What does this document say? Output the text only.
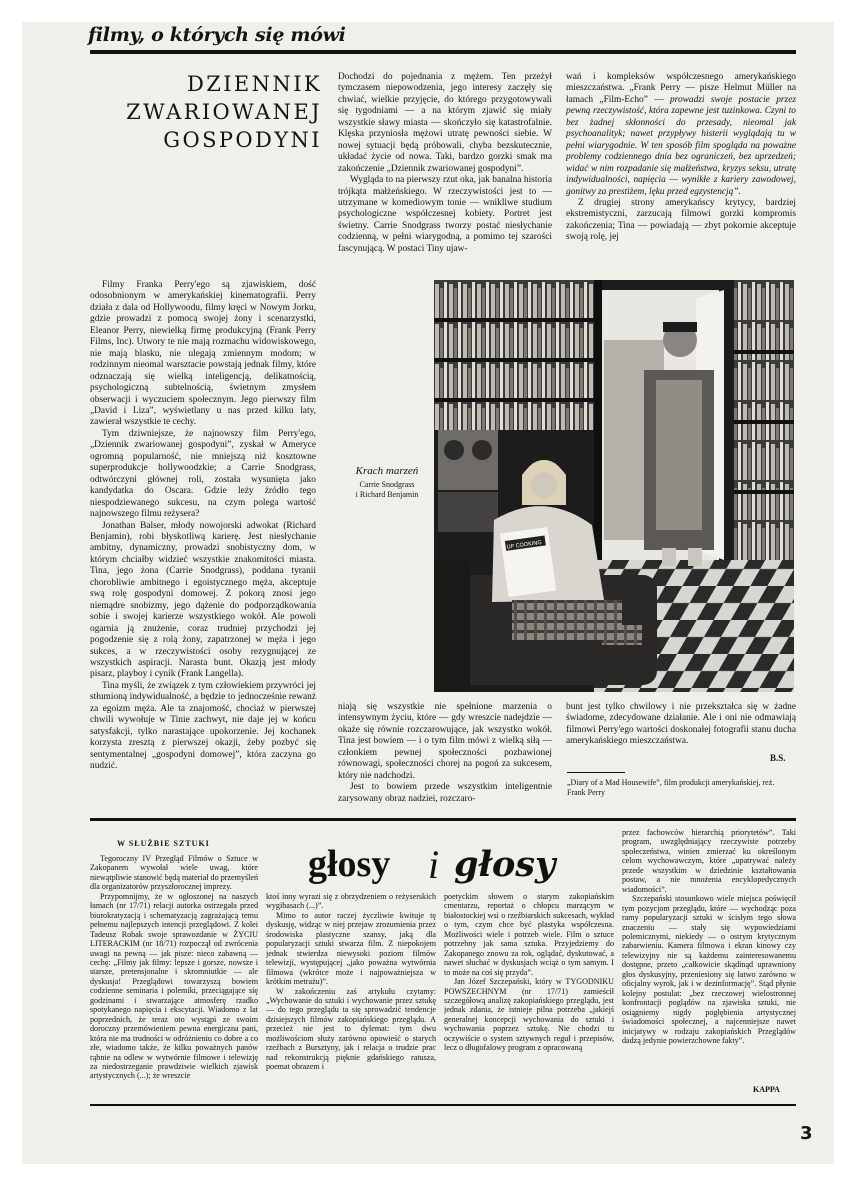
filmy, o których się mówi
DZIENNIK
ZWARIOWANEJ
GOSPODYNI

Dochodzi do pojednania z mężem. Ten przeżył tymczasem niepowodzenia, jego interesy zaczęły się chwiać, wielkie przyjęcie, do którego przygotowywali się tygodniami — a na którym zjawić się miały wszystkie sławy miasta — skończyło się katastrofalnie. Klęska przyniosła mężowi utratę pewności siebie. W nowej sytuacji będą próbowali, chyba bezskutecznie, układać życie od nowa. Taki, bardzo gorzki smak ma zakończenie „Dziennik zwariowanej gospodyni”.

Wygląda to na pierwszy rzut oka, jak banalna historia trójkąta małżeńskiego. W rzeczywistości jest to — utrzymane w komediowym tonie — wnikliwe studium psychologiczne współczesnej kobiety. Portret jest świetny. Carrie Snodgrass tworzy postać niesłychanie codzienną, w pełni wiarygodną, a pomimo tej szarości fascynującą. W postaci Tiny ujaw-

wań i kompleksów współczesnego amerykańskiego mieszczaństwa. „Frank Perry — pisze Helmut Müller na łamach „Film-Echo” — prowadzi swoje postacie przez pewną rzeczywistość, która zapewne jest tuzinkowa. Czyni to bez żadnej skłonności do przesady, nieomal jak psychoanalityk; nawet przypływy histerii wyglądają tu w pełni wiarygodnie. W ten sposób film spogląda na poważne problemy codziennego dnia bez ograniczeń, bez uprzedzeń; widać w nim rozpadanie się małżeństwa, kryzys seksu, utratę indywidualności, napięcia — wynikłe z kariery zawodowej, gonitwy za prestiżem, lęku przed egzystencją”.

Z drugiej strony amerykańscy krytycy, bardziej ekstremistyczni, zarzucają filmowi gorzki kompromis zakończenia; Tina — powiadają — zbyt pokornie akceptuje swoją rolę, jej

Filmy Franka Perry'ego są zjawiskiem, dość odosobnionym w amerykańskiej kinematografii. Perry działa z dala od Hollywoodu, filmy kręci w Nowym Jorku, gdzie prowadzi z pomocą swojej żony i scenarzystki, Eleanor Perry, niewielką firmę produkcyjną (Frank Perry Films, Inc). Utwory te nie mają rozmachu widowiskowego, nie mają blasku, nie ulegają zmiennym modom; w rodzinnym nieomal warsztacie powstają jednak filmy, które odznaczają się wielką inteligencją, delikatnością, psychologiczną subtelnością, świetnym zmysłem obserwacji i wyczuciem społecznym. Jego pierwszy film „David i Liza”, wyświetlany u nas przed kilku laty, zawierał wszystkie te cechy.

Tym dziwniejsze, że najnowszy film Perry'ego, „Dziennik zwariowanej gospodyni”, zyskał w Ameryce ogromną popularność, nie mniejszą niż kosztowne superprodukcje hollywoodzkie; a Carrie Snodgrass, odtwórczyni głównej roli, została wysunięta jako kandydatka do Oscara. Gdzie leży źródło tego niespodziewanego sukcesu, na czym polega wartość najnowszego filmu reżysera?

Jonathan Balser, młody nowojorski adwokat (Richard Benjamin), robi błyskotliwą karierę. Jest niesłychanie ambitny, dynamiczny, prowadzi snobistyczny dom, w którym chciałby widzieć wszystkie znakomitości miasta. Tina, jego żona (Carrie Snodgrass), poddana tyranii chorobliwie ambitnego i egoistycznego męża, akceptuje swą rolę gospodyni domowej. Z pokorą znosi jego niemądre snobizmy, jego dążenie do podporządkowania sobie i swojej karierze wszystkiego wokół. Ale powoli ogarnia ją znużenie, coraz trudniej przychodzi jej pogodzenie się z rolą żony, zapatrzonej w męża i jego sukces, a w rzeczywistości osoby rezygnującej ze wszystkich aspiracji. Narasta bunt. Okazją jest młody pisarz, playboy i cynik (Frank Langella).

Tina myśli, że związek z tym człowiekiem przywróci jej stłumioną indywidualność, a będzie to jednocześnie rewanż za egoizm męża. Ale ta znajomość, chociaż w pierwszej chwili wywołuje w Tinie zachwyt, nie daje jej w końcu satysfakcji, tylko narastające upokorzenie. Jej kochanek korzysta zresztą z pierwszej okazji, żeby pozbyć się sentymentalnej „gospodyni domowej”, która zaczyna go nudzić.

Krach marzeń
Carrie Snodgrass
i Richard Benjamin
UP COOKING

niają się wszystkie nie spełnione marzenia o intensywnym życiu, które — gdy wreszcie nadejdzie — okaże się równie rozczarowujące, jak wszystko wokół. Tina jest bowiem — i o tym film mówi z wielką siłą — członkiem pewnej społeczności pozbawionej równowagi, społeczności chorej na pogoń za sukcesem, który nie nadchodzi.

Jest to bowiem przede wszystkim inteligentnie zarysowany obraz nadziei, rozczaro-

bunt jest tylko chwilowy i nie przekształca się w żadne świadome, zdecydowane działanie. Ale i oni nie odmawiają filmowi Perry'ego wartości doskonałej fotografii stanu ducha amerykańskiego mieszczaństwa.

B.S.
„Diary of a Mad Housewife”, film produkcji amerykańskiej, reż. Frank Perry
W SŁUŻBIE SZTUKI	głosy i głosy

Tegoroczny IV Przegląd Filmów o Sztuce w Zakopanem wywołał wiele uwag, które niewątpliwie stanowić będą materiał do przemyśleń dla organizatorów przyszłorocznej imprezy.

Przypomnijmy, że w ogłoszonej na naszych łamach (nr 17/71) relacji autorka ostrzegała przed biurokratyzacją i schematyzacją zagrażającą temu pełnemu najlepszych intencji przeglądowi. Z kolei Tadeusz Robak swoje sprawozdanie w ŻYCIU LITERACKIM (nr 18/71) rozpoczął od zwrócenia uwagi na pewną — jak pisze: nieco zabawną — cechę: „Filmy jak filmy: lepsze i gorsze, nowsze i starsze, pretensjonalne i skromniutkie — ale dyskusja! Przeglądowi towarzyszą bowiem codzienne seminaria i polemiki, przeciągające się godzinami i stwarzające atmosferę rzadko spotykanego napięcia i ekscytacji. Wiadomo z lat poprzednich, że teraz oto wystąpi ze swoim doroczny przemówieniem pewna energiczna pani, która nie ma trudności w odróżnieniu co dobre a co złe, wiadomo także, że kilku poważnych panów rąbnie na odlew w wytwórnie filmowe i telewizję za niedostrzeganie prawdziwie wielkich zjawisk artystycznych (...); że wreszcie

ktoś inny wyrazi się z obrzydzeniem o reżyserskich wygibasach (...)”.

Mimo to autor raczej życzliwie kwituje tę dyskusję, widząc w niej przejaw zrozumienia przez środowiska plastyczne szansy, jaką dla popularyzacji sztuki stwarza film. Z niepokojem jednak stwierdza niewysoki poziom filmów telewizji, występującej „jako poważna wytwórnia filmowa (wkrótce może i najpoważniejsza w krótkim metrażu)”.

W zakończeniu zaś artykułu czytamy: „Wychowanie do sztuki i wychowanie przez sztukę — do tego przeglądu ta się sprowadzić tendencje dzisiejszych filmów zakopiańskiego przeglądu. A przecież nie jest to dylemat: tym dwu możliwościom służy zarówno opowieść o starych rzeźbach z Bursztyny, jak i relacja o trudzie prac nad rekonstrukcją pięknie gdańskiego ratusza, poemat obrazem i

poetyckim słowem o starym zakopiańskim cmentarzu, reportaż o chłopcu marzącym w białostockiej wsi o rzeźbiarskich sukcesach, wykład o tym, czym chce być plastyka współczesna. Możliwości wiele i potrzeb wiele. Film o sztuce potrzebny jak sama sztuka. Przyjedziemy do Zakopanego znowu za rok, oglądać, dyskutować, a nawet słuchać w dyskusjach wciąż o tym samym. I to może na coś się przyda”.

Jan Józef Szczepański, który w TYGODNIKU POWSZECHNYM (nr 17/71) zamieścił szczegółową analizę zakopiańskiego przeglądu, jest jednak zdania, że istnieje pilna potrzeba „jakiejś generalnej koncepcji wychowania do sztuki i wychowania poprzez sztukę. Nie chodzi tu oczywiście o system sztywnych reguł i przepisów, lecz o długofalowy program z opracowaną

przez fachowców hierarchią priorytetów”. Taki program, uwzględniający rzeczywiste potrzeby społeczeństwa, winien zmierzać ku określonym celom wychowawczym, które „upatrywać należy przede wszystkim w dziedzinie kształtowania postaw, a nie mnożenia encyklopedycznych wiadomości”.

Szczepański stosunkowo wiele miejsca poświęcił tym pozycjom przeglądu, które — wychodząc poza ramy popularyzacji sztuki w ścisłym tego słowa znaczeniu — stały się wypowiedziami polemicznymi, niekiedy — o ostrym krytycznym zabarwieniu. Kamera filmowa i ekran kinowy czy telewizyjny nie są każdemu zainteresowanemu dostępne, przeto „całkowicie skądinąd uprawniony głos dyskusyjny, przeniesiony się łatwo zarówno w oficjalny wyrok, jak i w dezinformację”. Stąd płynie kolejny postulat: „bez rzeczowej wielostronnej konfrontacji poglądów na zjawiska sztuki, nie osiągniemy nigdy pogłębienia artystycznej świadomości społecznej, a najcenniejsze nawet inicjatywy w rodzaju zakopiańskich Przeglądów dadzą jedynie powierzchowne fakty”.

KAPPA
3
